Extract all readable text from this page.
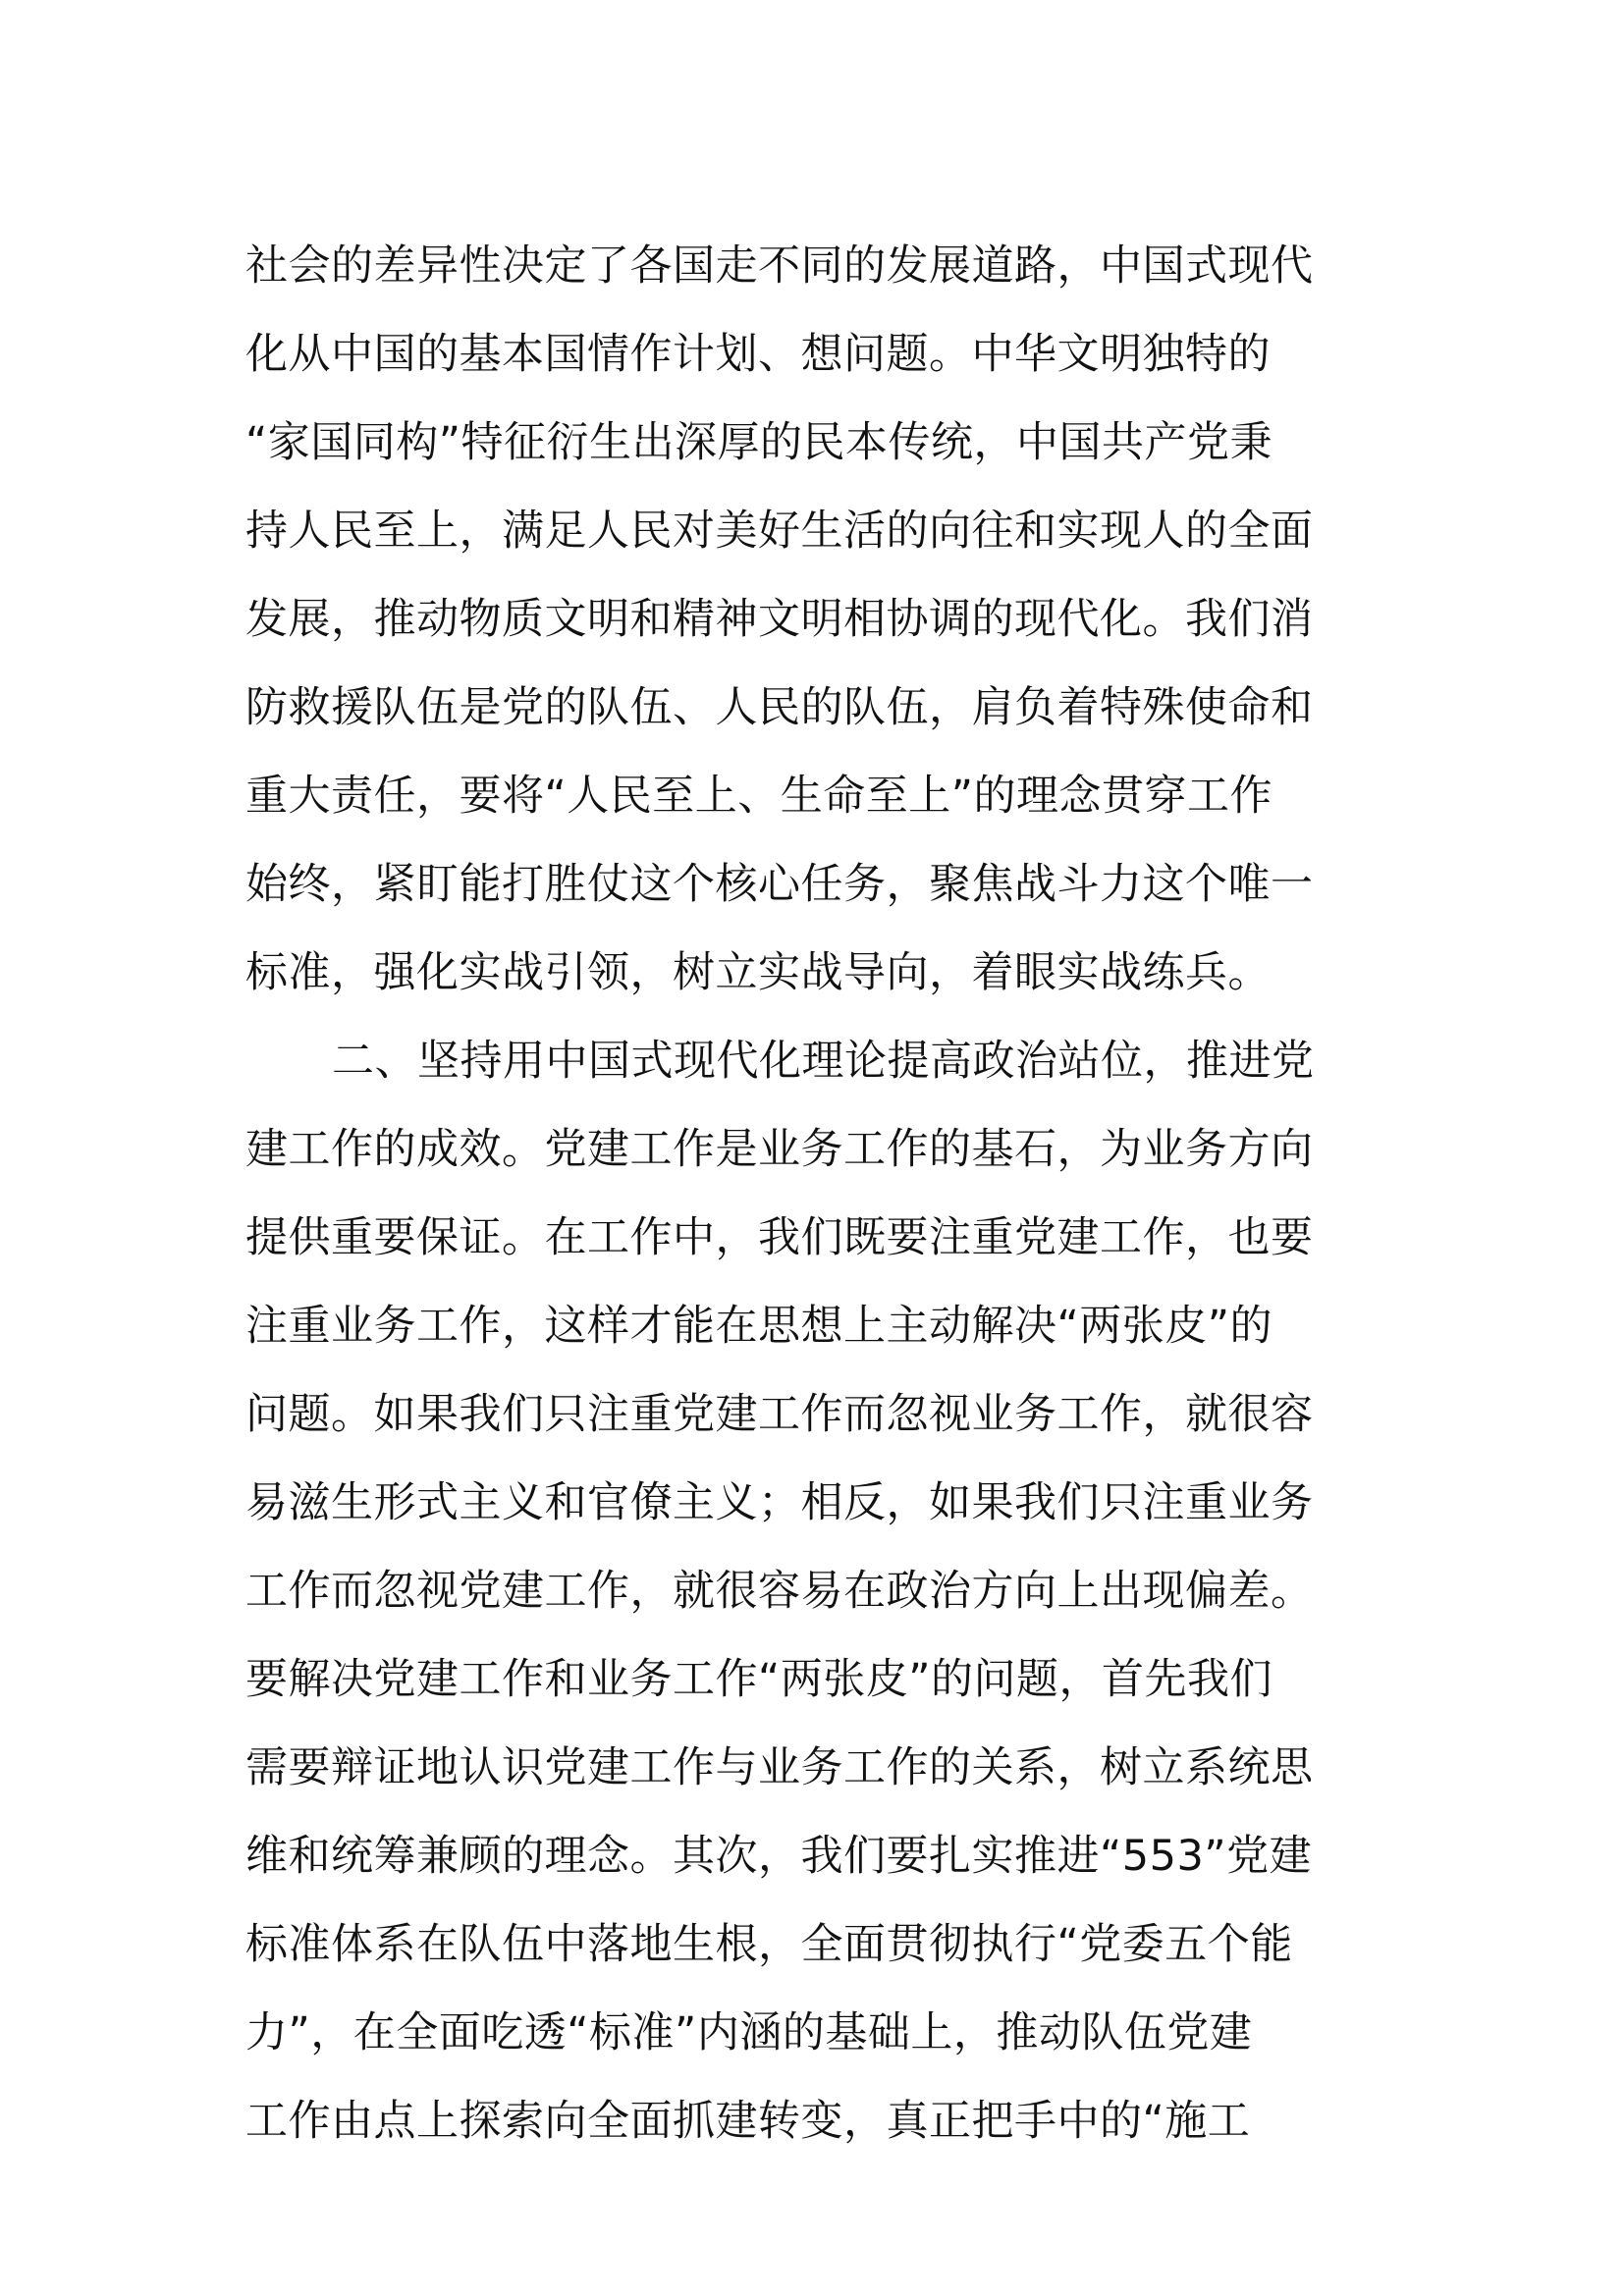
社会的差异性决定了各国走不同的发展道路，中国式现代
化从中国的基本国情作计划、想问题。中华文明独特的
“家国同构”特征衍生出深厚的民本传统，中国共产党秉
持人民至上，满足人民对美好生活的向往和实现人的全面
发展，推动物质文明和精神文明相协调的现代化。我们消
防救援队伍是党的队伍、人民的队伍，肩负着特殊使命和
重大责任，要将“人民至上、生命至上”的理念贯穿工作
始终，紧盯能打胜仗这个核心任务，聚焦战斗力这个唯一
标准，强化实战引领，树立实战导向，着眼实战练兵。
二、坚持用中国式现代化理论提高政治站位，推进党
建工作的成效。党建工作是业务工作的基石，为业务方向
提供重要保证。在工作中，我们既要注重党建工作，也要
注重业务工作，这样才能在思想上主动解决“两张皮”的
问题。如果我们只注重党建工作而忽视业务工作，就很容
易滋生形式主义和官僚主义；相反，如果我们只注重业务
工作而忽视党建工作，就很容易在政治方向上出现偏差。
要解决党建工作和业务工作“两张皮”的问题，首先我们
需要辩证地认识党建工作与业务工作的关系，树立系统思
维和统筹兼顾的理念。其次，我们要扎实推进“553”党建
标准体系在队伍中落地生根，全面贯彻执行“党委五个能
力”，在全面吃透“标准”内涵的基础上，推动队伍党建
工作由点上探索向全面抓建转变，真正把手中的“施工
